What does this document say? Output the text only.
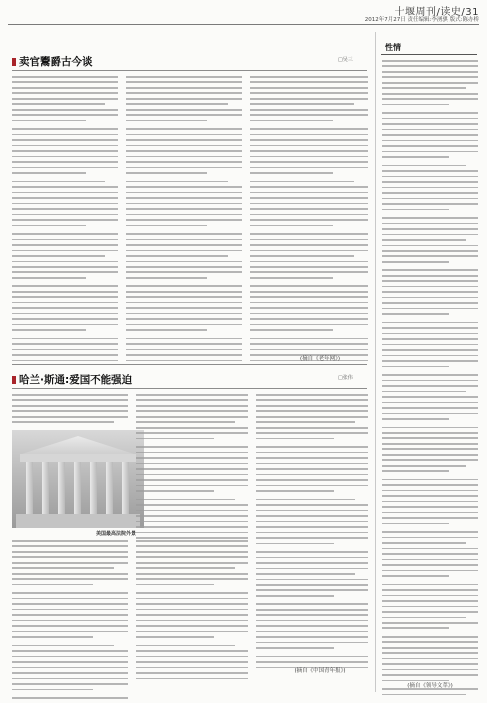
十堰周刊/读史/31
2012年7月27日 责任编辑:李湧骐 版式:陈办桥
卖官鬻爵古今谈	□吴三
(摘自《老年网》)
哈兰·斯通:爱国不能强迫	□张伟
美国最高法院外景
(摘自《中国青年报》)
性情
(摘自《领导文萃》)
